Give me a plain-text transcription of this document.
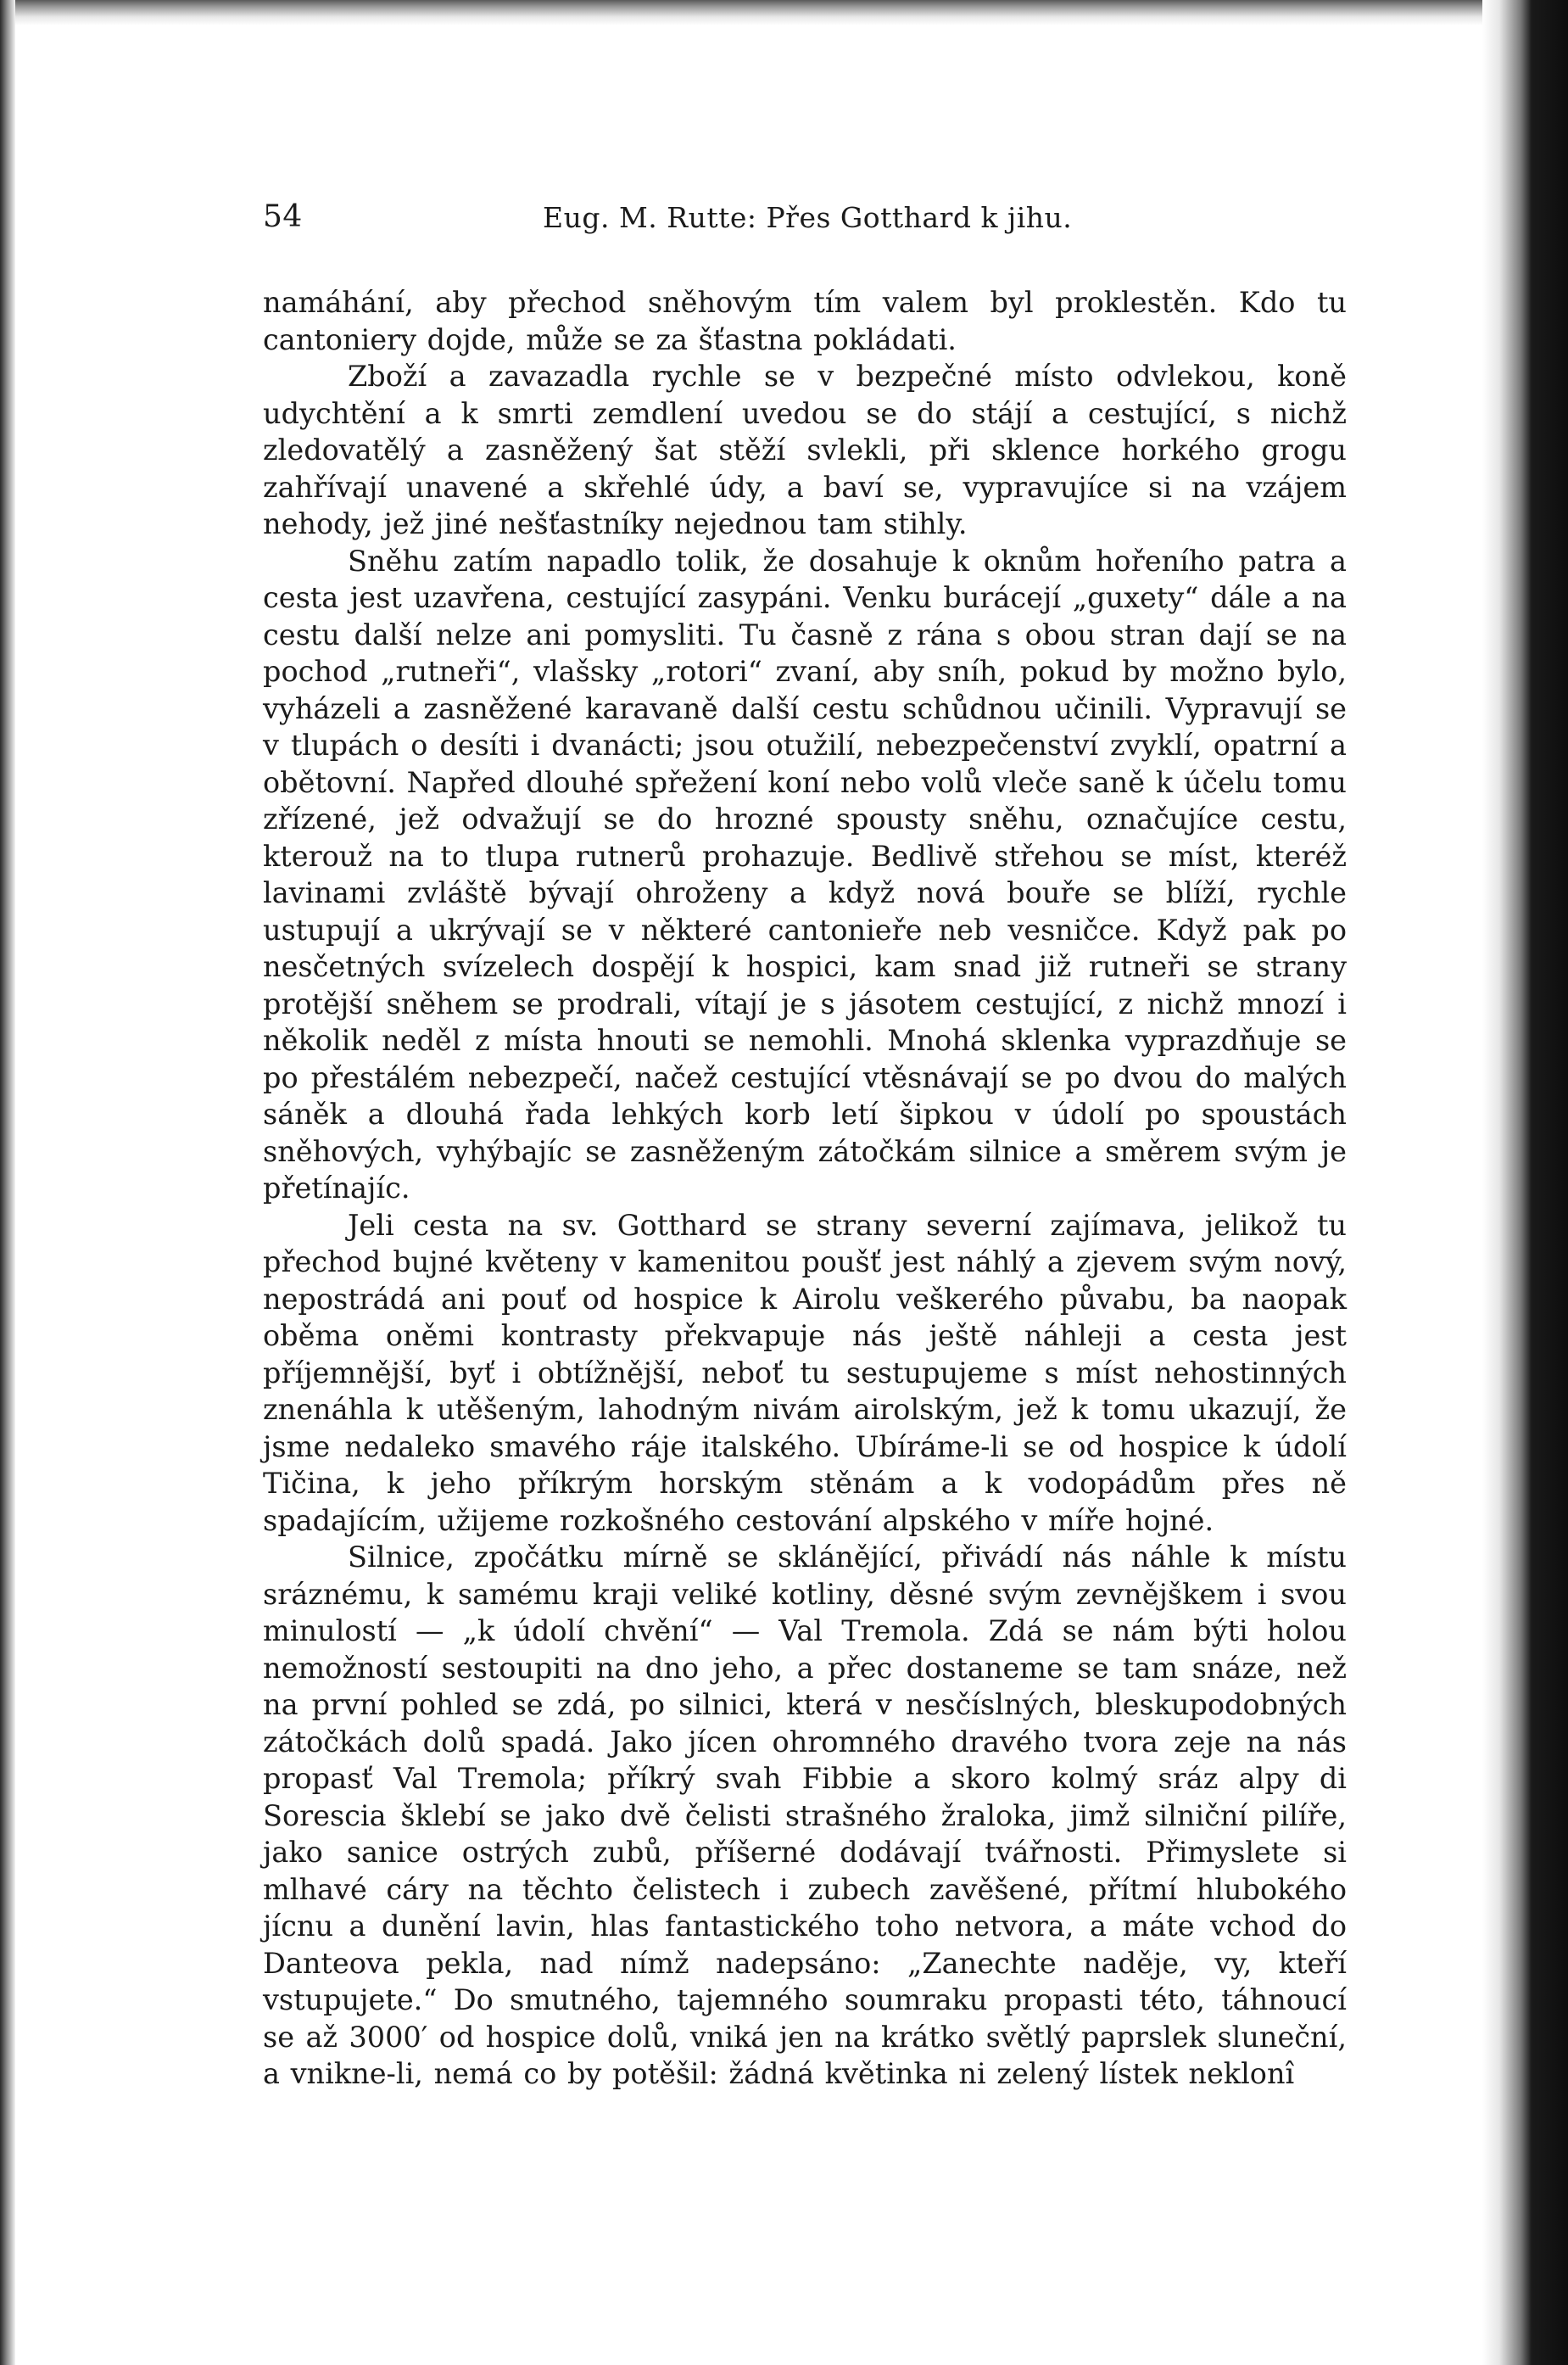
54	Eug. M. Rutte: Přes Gotthard k jihu.

namáhání, aby přechod sněhovým tím valem byl proklestěn. Kdo tu cantoniery dojde, může se za šťastna pokládati.

Zboží a zavazadla rychle se v bezpečné místo odvlekou, koně udychtění a k smrti zemdlení uvedou se do stájí a cestující, s nichž zledovatělý a zasněžený šat stěží svlekli, při sklence horkého grogu zahřívají unavené a skřehlé údy, a baví se, vypravujíce si na vzájem nehody, jež jiné nešťastníky nejednou tam stihly.

Sněhu zatím napadlo tolik, že dosahuje k oknům hořeního patra a cesta jest uzavřena, cestující zasypáni. Venku burácejí „guxety“ dále a na cestu další nelze ani pomysliti. Tu časně z rána s obou stran dají se na pochod „rutneři“, vlašsky „rotori“ zvaní, aby sníh, pokud by možno bylo, vyházeli a zasněžené karavaně další cestu schůdnou učinili. Vypravují se v tlupách o desíti i dvanácti; jsou otužilí, nebezpečenství zvyklí, opatrní a obětovní. Napřed dlouhé spřežení koní nebo volů vleče saně k účelu tomu zřízené, jež odvažují se do hrozné spousty sněhu, označujíce cestu, kterouž na to tlupa rutnerů prohazuje. Bedlivě střehou se míst, kteréž lavinami zvláště bývají ohroženy a když nová bouře se blíží, rychle ustupují a ukrývají se v některé cantonieře neb vesničce. Když pak po nesčetných svízelech dospějí k hospici, kam snad již rutneři se strany protější sněhem se prodrali, vítají je s jásotem cestující, z nichž mnozí i několik neděl z místa hnouti se nemohli. Mnohá sklenka vyprazdňuje se po přestálém nebezpečí, načež cestující vtěsnávají se po dvou do malých sáněk a dlouhá řada lehkých korb letí šipkou v údolí po spoustách sněhových, vyhýbajíc se zasněženým zátočkám silnice a směrem svým je přetínajíc.

Jeli cesta na sv. Gotthard se strany severní zajímava, jelikož tu přechod bujné květeny v kamenitou poušť jest náhlý a zjevem svým nový, nepostrádá ani pouť od hospice k Airolu veškerého půvabu, ba naopak oběma oněmi kontrasty překvapuje nás ještě náhleji a cesta jest příjemnější, byť i obtížnější, neboť tu sestupujeme s míst nehostinných znenáhla k utěšeným, lahodným nivám airolským, jež k tomu ukazují, že jsme nedaleko smavého ráje italského. Ubíráme-li se od hospice k údolí Tičina, k jeho příkrým horským stěnám a k vodopádům přes ně spadajícím, užijeme rozkošného cestování alpského v míře hojné.

Silnice, zpočátku mírně se sklánějící, přivádí nás náhle k místu sráznému, k samému kraji veliké kotliny, děsné svým zevnějškem i svou minulostí — „k údolí chvění“ — Val Tremola. Zdá se nám býti holou nemožností sestoupiti na dno jeho, a přec dostaneme se tam snáze, než na první pohled se zdá, po silnici, která v nesčíslných, bleskupodobných zátočkách dolů spadá. Jako jícen ohromného dravého tvora zeje na nás propasť Val Tremola; příkrý svah Fibbie a skoro kolmý sráz alpy di Sorescia šklebí se jako dvě čelisti strašného žraloka, jimž silniční pilíře, jako sanice ostrých zubů, příšerné dodávají tvářnosti. Přimyslete si mlhavé cáry na těchto čelistech i zubech zavěšené, přítmí hlubokého jícnu a dunění lavin, hlas fantastického toho netvora, a máte vchod do Danteova pekla, nad nímž nadepsáno: „Zanechte naděje, vy, kteří vstupujete.“ Do smutného, tajemného soumraku propasti této, táhnoucí se až 3000′ od hospice dolů, vniká jen na krátko světlý paprslek sluneční, a vnikne-li, nemá co by potěšil: žádná květinka ni zelený lístek neklonî
